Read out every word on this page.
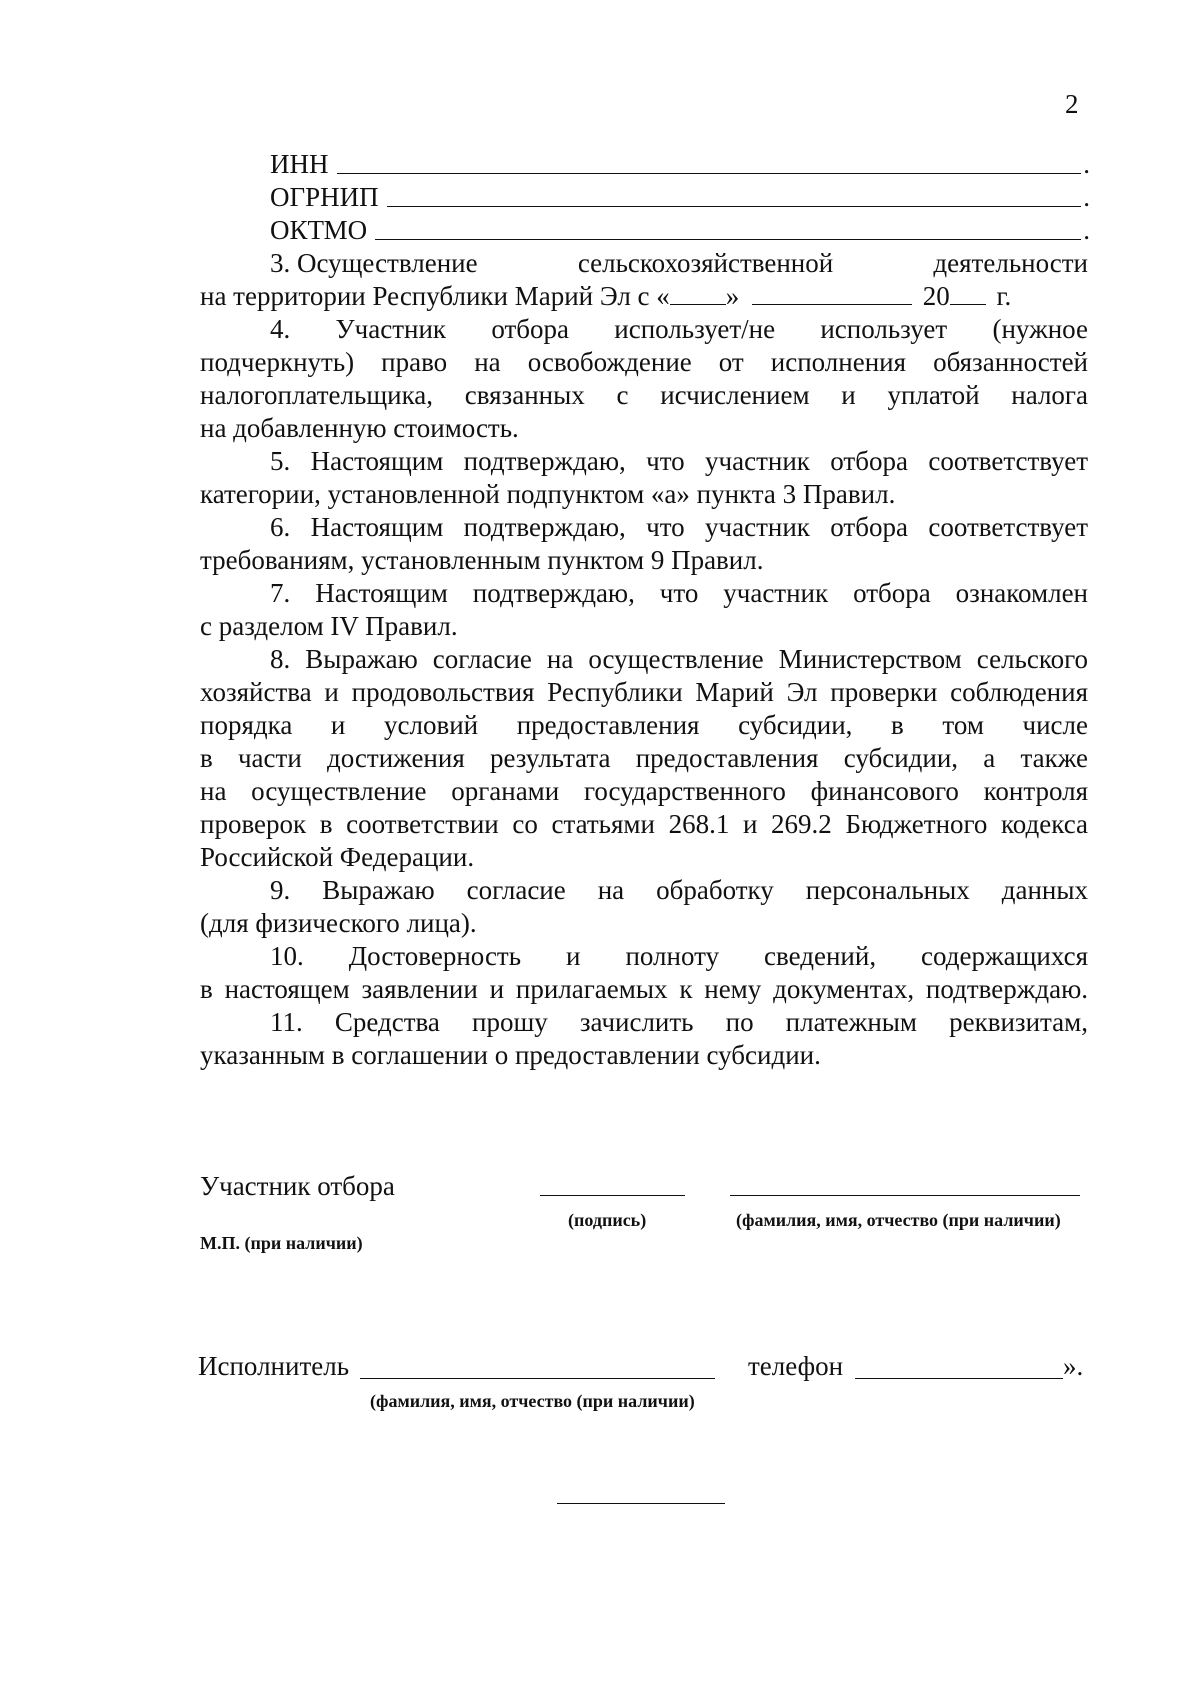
2
ИНН	.
ОГРНИП	.
ОКТМО	.
3. Осуществление	сельскохозяйственной	деятельности
на территории Республики Марий Эл с « »	20 г.
4. Участник отбора использует/не использует (нужное
подчеркнуть) право на освобождение от исполнения обязанностей
налогоплательщика, связанных с исчислением и уплатой налога
на добавленную стоимость.
5. Настоящим подтверждаю, что участник отбора соответствует
категории, установленной подпунктом «а» пункта 3 Правил.
6. Настоящим подтверждаю, что участник отбора соответствует
требованиям, установленным пунктом 9 Правил.
7. Настоящим подтверждаю, что участник отбора ознакомлен
с разделом IV Правил.
8. Выражаю согласие на осуществление Министерством сельского
хозяйства и продовольствия Республики Марий Эл проверки соблюдения
порядка и условий предоставления субсидии, в том числе
в части достижения результата предоставления субсидии, а также
на осуществление органами государственного финансового контроля
проверок в соответствии со статьями 268.1 и 269.2 Бюджетного кодекса
Российской Федерации.
9. Выражаю согласие на обработку персональных данных
(для физического лица).
10. Достоверность и полноту сведений, содержащихся
в настоящем заявлении и прилагаемых к нему документах, подтверждаю.
11. Средства прошу зачислить по платежным реквизитам,
указанным в соглашении о предоставлении субсидии.
Участник отбора
(подпись)	(фамилия, имя, отчество (при наличии)
М.П. (при наличии)
Исполнитель
(фамилия, имя, отчество (при наличии)
телефон	».
